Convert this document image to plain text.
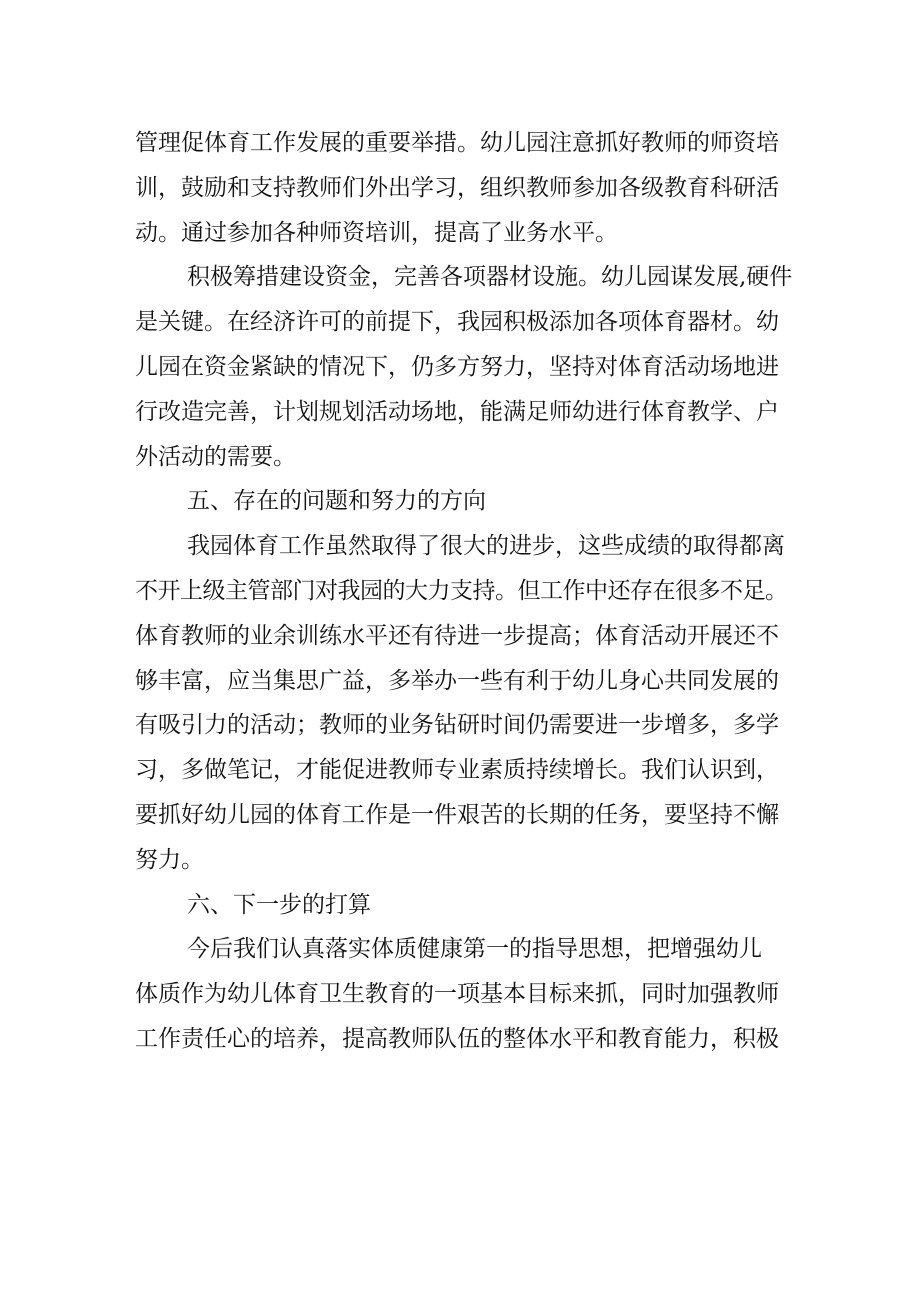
管理促体育工作发展的重要举措。幼儿园注意抓好教师的师资培
训，鼓励和支持教师们外出学习，组织教师参加各级教育科研活
动。通过参加各种师资培训，提高了业务水平。
积极筹措建设资金，完善各项器材设施。幼儿园谋发展,硬件
是关键。在经济许可的前提下，我园积极添加各项体育器材。幼
儿园在资金紧缺的情况下，仍多方努力，坚持对体育活动场地进
行改造完善，计划规划活动场地，能满足师幼进行体育教学、户
外活动的需要。
五、存在的问题和努力的方向
我园体育工作虽然取得了很大的进步，这些成绩的取得都离
不开上级主管部门对我园的大力支持。但工作中还存在很多不足。
体育教师的业余训练水平还有待进一步提高；体育活动开展还不
够丰富，应当集思广益，多举办一些有利于幼儿身心共同发展的
有吸引力的活动；教师的业务钻研时间仍需要进一步增多，多学
习，多做笔记，才能促进教师专业素质持续增长。我们认识到，
要抓好幼儿园的体育工作是一件艰苦的长期的任务，要坚持不懈
努力。
六、下一步的打算
今后我们认真落实体质健康第一的指导思想，把增强幼儿
体质作为幼儿体育卫生教育的一项基本目标来抓，同时加强教师
工作责任心的培养，提高教师队伍的整体水平和教育能力，积极
